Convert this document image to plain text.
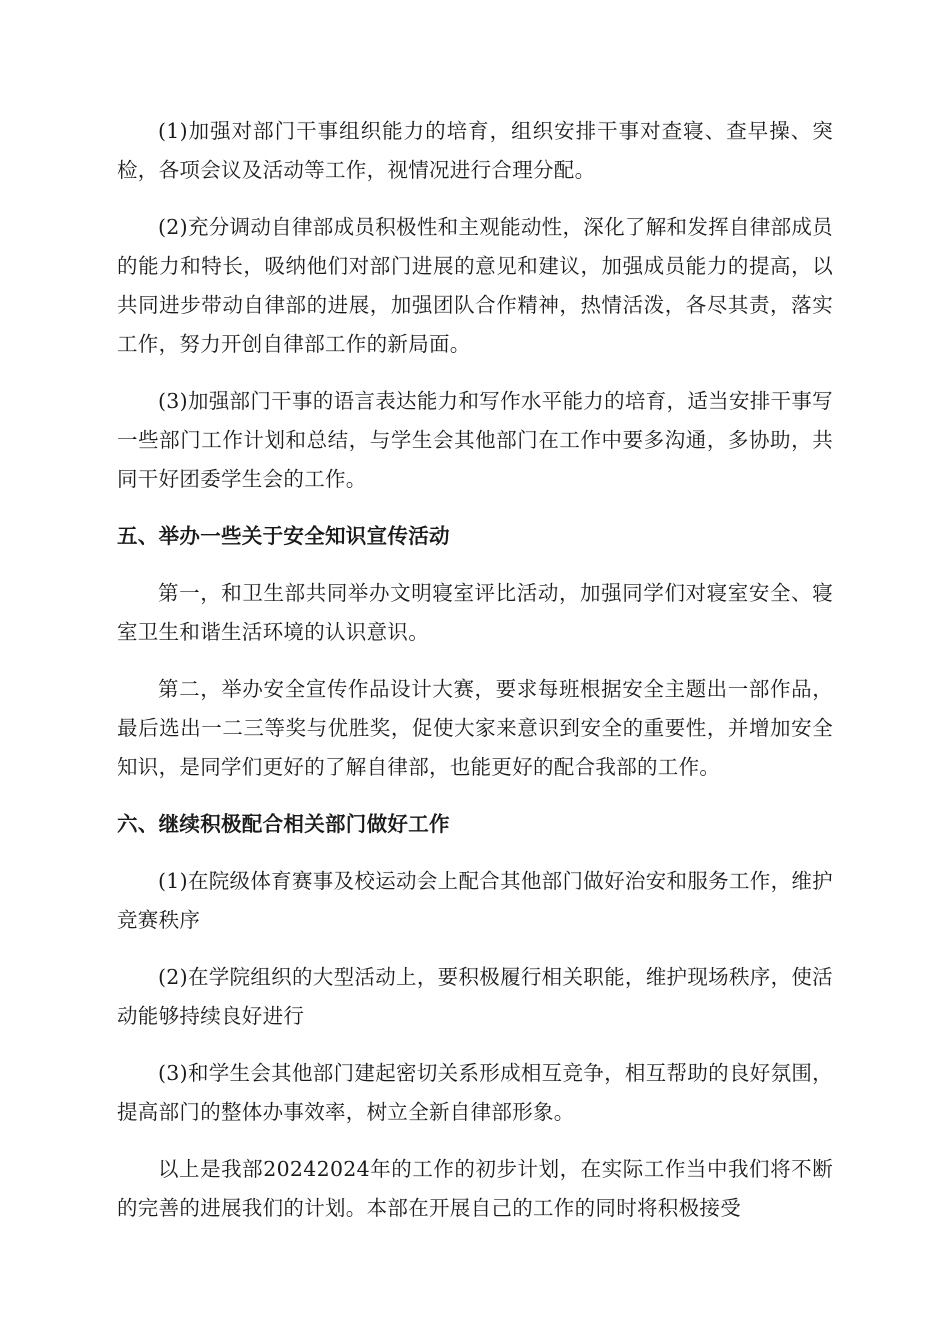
(1)加强对部门干事组织能力的培育，组织安排干事对查寝、查早操、突检，各项会议及活动等工作，视情况进行合理分配。

(2)充分调动自律部成员积极性和主观能动性，深化了解和发挥自律部成员的能力和特长，吸纳他们对部门进展的意见和建议，加强成员能力的提高，以共同进步带动自律部的进展，加强团队合作精神，热情活泼，各尽其责，落实工作，努力开创自律部工作的新局面。

(3)加强部门干事的语言表达能力和写作水平能力的培育，适当安排干事写一些部门工作计划和总结，与学生会其他部门在工作中要多沟通，多协助，共同干好团委学生会的工作。

五、举办一些关于安全知识宣传活动

第一，和卫生部共同举办文明寝室评比活动，加强同学们对寝室安全、寝室卫生和谐生活环境的认识意识。

第二，举办安全宣传作品设计大赛，要求每班根据安全主题出一部作品，最后选出一二三等奖与优胜奖，促使大家来意识到安全的重要性，并增加安全知识，是同学们更好的了解自律部，也能更好的配合我部的工作。

六、继续积极配合相关部门做好工作

(1)在院级体育赛事及校运动会上配合其他部门做好治安和服务工作，维护竞赛秩序

(2)在学院组织的大型活动上，要积极履行相关职能，维护现场秩序，使活动能够持续良好进行

(3)和学生会其他部门建起密切关系形成相互竞争，相互帮助的良好氛围，提高部门的整体办事效率，树立全新自律部形象。

以上是我部20242024年的工作的初步计划，在实际工作当中我们将不断的完善的进展我们的计划。本部在开展自己的工作的同时将积极接受
